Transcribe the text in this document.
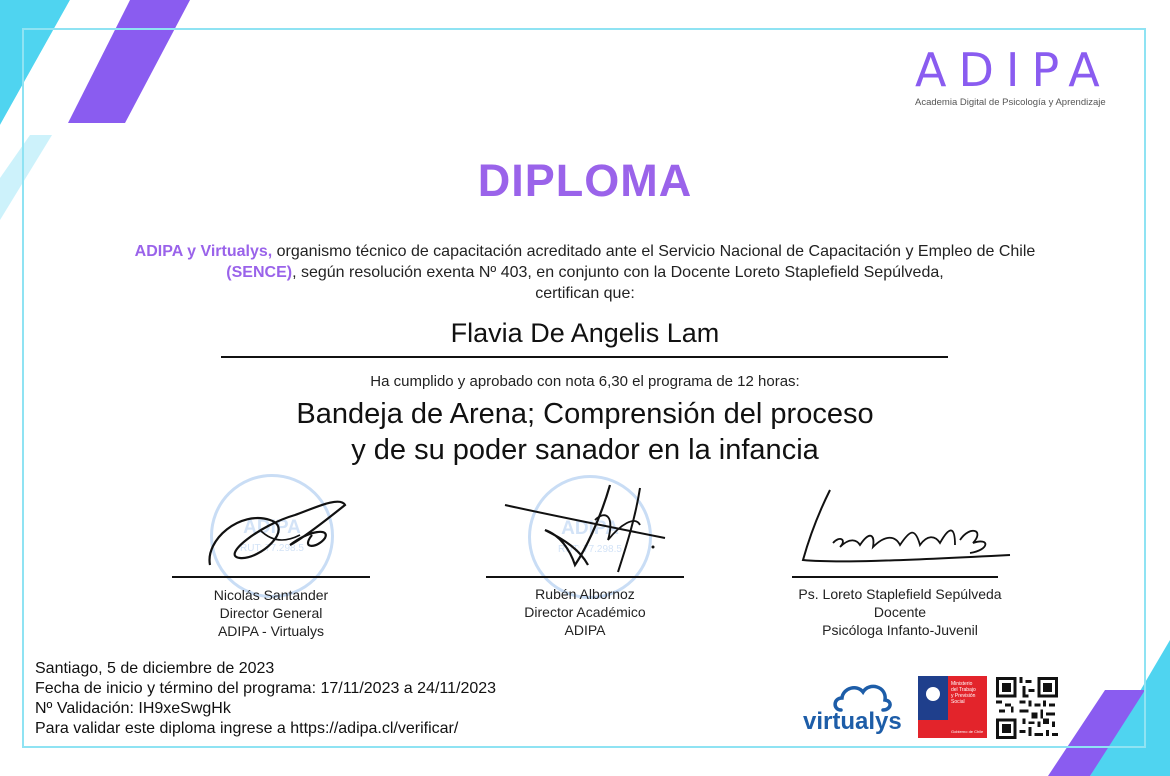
ADIPA
Academia Digital de Psicología y Aprendizaje
DIPLOMA
ADIPA y Virtualys, organismo técnico de capacitación acreditado ante el Servicio Nacional de Capacitación y Empleo de Chile (SENCE), según resolución exenta Nº 403, en conjunto con la Docente Loreto Staplefield Sepúlveda,
certifican que:
Flavia De Angelis Lam
Ha cumplido y aprobado con nota 6,30 el programa de 12 horas:
Bandeja de Arena; Comprensión del proceso
y de su poder sanador en la infancia
ADIPA
RUT: 77.298.5
ADIPA
RUT: 77.298.5
Nicolás Santander
Director General
ADIPA - Virtualys
Rubén Albornoz
Director Académico
ADIPA
Ps. Loreto Staplefield Sepúlveda
Docente
Psicóloga Infanto-Juvenil
Santiago, 5 de diciembre de 2023
Fecha de inicio y término del programa: 17/11/2023 a 24/11/2023
Nº Validación: IH9xeSwgHk
Para validar este diploma ingrese a https://adipa.cl/verificar/	virtualys
Ministerio
del Trabajo
y Previsión
Social
Gobierno de Chile
